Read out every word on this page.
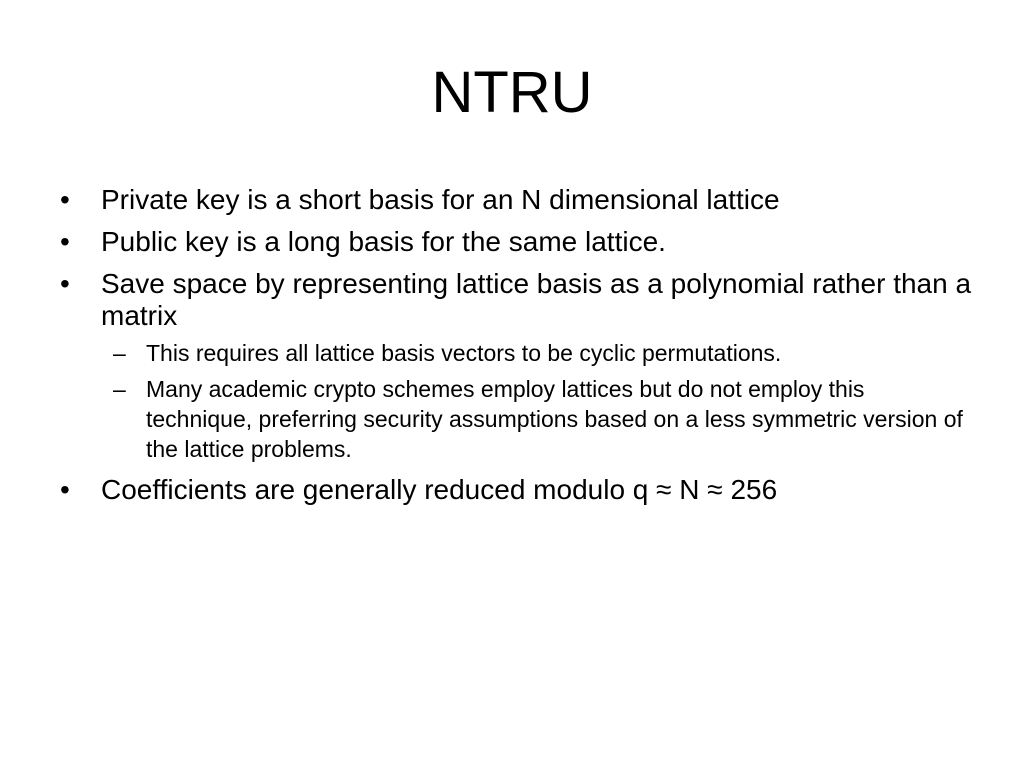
NTRU
• Private key is a short basis for an N dimensional lattice
• Public key is a long basis for the same lattice.
• Save space by representing lattice basis as a polynomial rather than a matrix
– This requires all lattice basis vectors to be cyclic permutations.
– Many academic crypto schemes employ lattices but do not employ this technique, preferring security assumptions based on a less symmetric version of the lattice problems.
• Coefficients are generally reduced modulo q ≈ N ≈ 256
